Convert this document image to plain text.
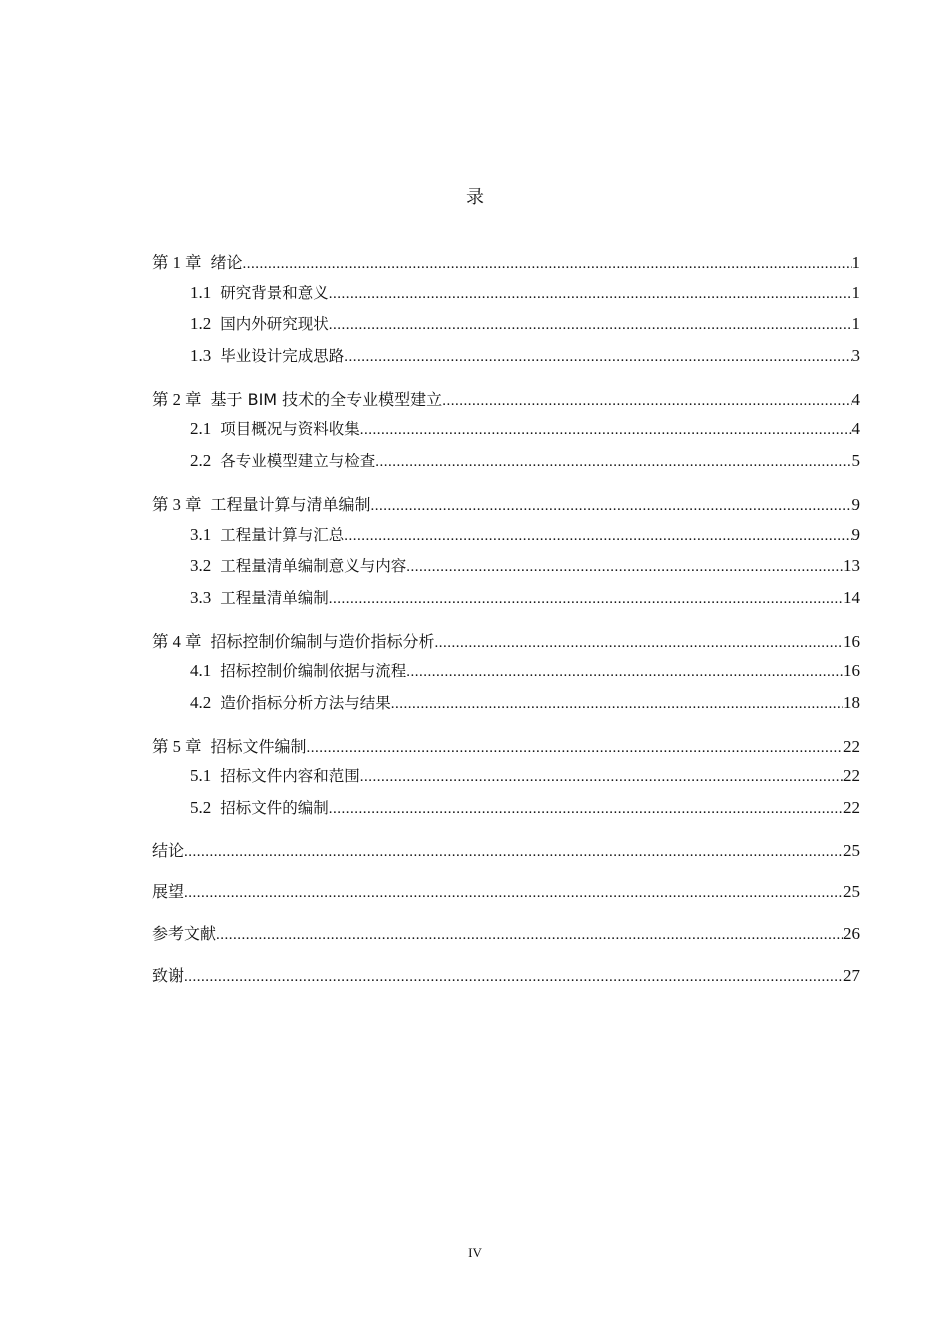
录
第 1 章 绪论 .....	1
1.1 研究背景和意义 .....	1
1.2 国内外研究现状 .....	1
1.3 毕业设计完成思路 .....	3
第 2 章 基于 BIM 技术的全专业模型建立 .....	4
2.1 项目概况与资料收集 .....	4
2.2 各专业模型建立与检查 .....	5
第 3 章 工程量计算与清单编制 .....	9
3.1 工程量计算与汇总 .....	9
3.2 工程量清单编制意义与内容 .....	13
3.3 工程量清单编制 .....	14
第 4 章 招标控制价编制与造价指标分析 .....	16
4.1 招标控制价编制依据与流程 .....	16
4.2 造价指标分析方法与结果 .....	18
第 5 章 招标文件编制 .....	22
5.1 招标文件内容和范围 .....	22
5.2 招标文件的编制 .....	22
结论 .....	25
展望 .....	25
参考文献 .....	26
致谢 .....	27
IV
